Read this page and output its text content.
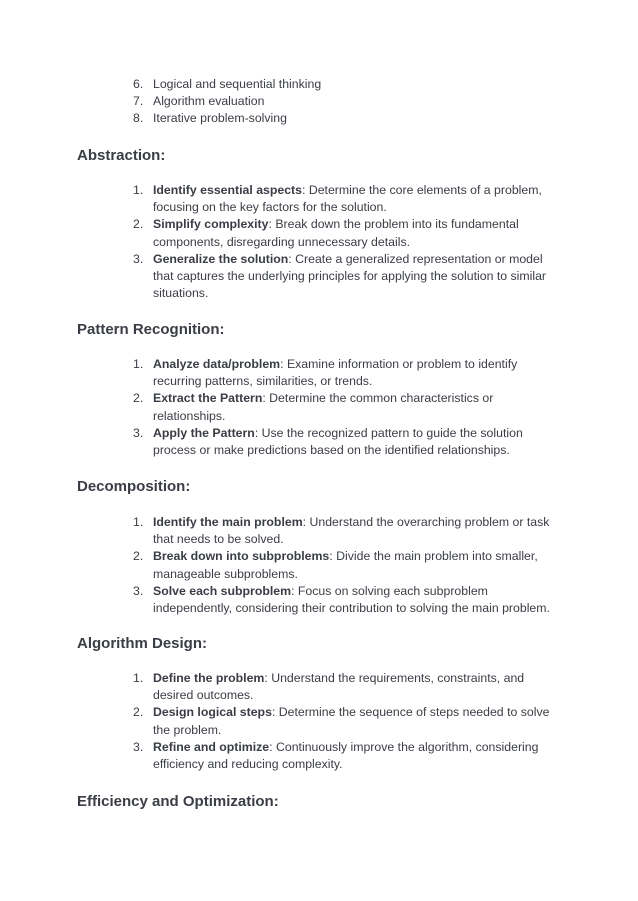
6. Logical and sequential thinking
7. Algorithm evaluation
8. Iterative problem-solving
Abstraction:
1. Identify essential aspects: Determine the core elements of a problem, focusing on the key factors for the solution.
2. Simplify complexity: Break down the problem into its fundamental components, disregarding unnecessary details.
3. Generalize the solution: Create a generalized representation or model that captures the underlying principles for applying the solution to similar situations.
Pattern Recognition:
1. Analyze data/problem: Examine information or problem to identify recurring patterns, similarities, or trends.
2. Extract the Pattern: Determine the common characteristics or relationships.
3. Apply the Pattern: Use the recognized pattern to guide the solution process or make predictions based on the identified relationships.
Decomposition:
1. Identify the main problem: Understand the overarching problem or task that needs to be solved.
2. Break down into subproblems: Divide the main problem into smaller, manageable subproblems.
3. Solve each subproblem: Focus on solving each subproblem independently, considering their contribution to solving the main problem.
Algorithm Design:
1. Define the problem: Understand the requirements, constraints, and desired outcomes.
2. Design logical steps: Determine the sequence of steps needed to solve the problem.
3. Refine and optimize: Continuously improve the algorithm, considering efficiency and reducing complexity.
Efficiency and Optimization:
